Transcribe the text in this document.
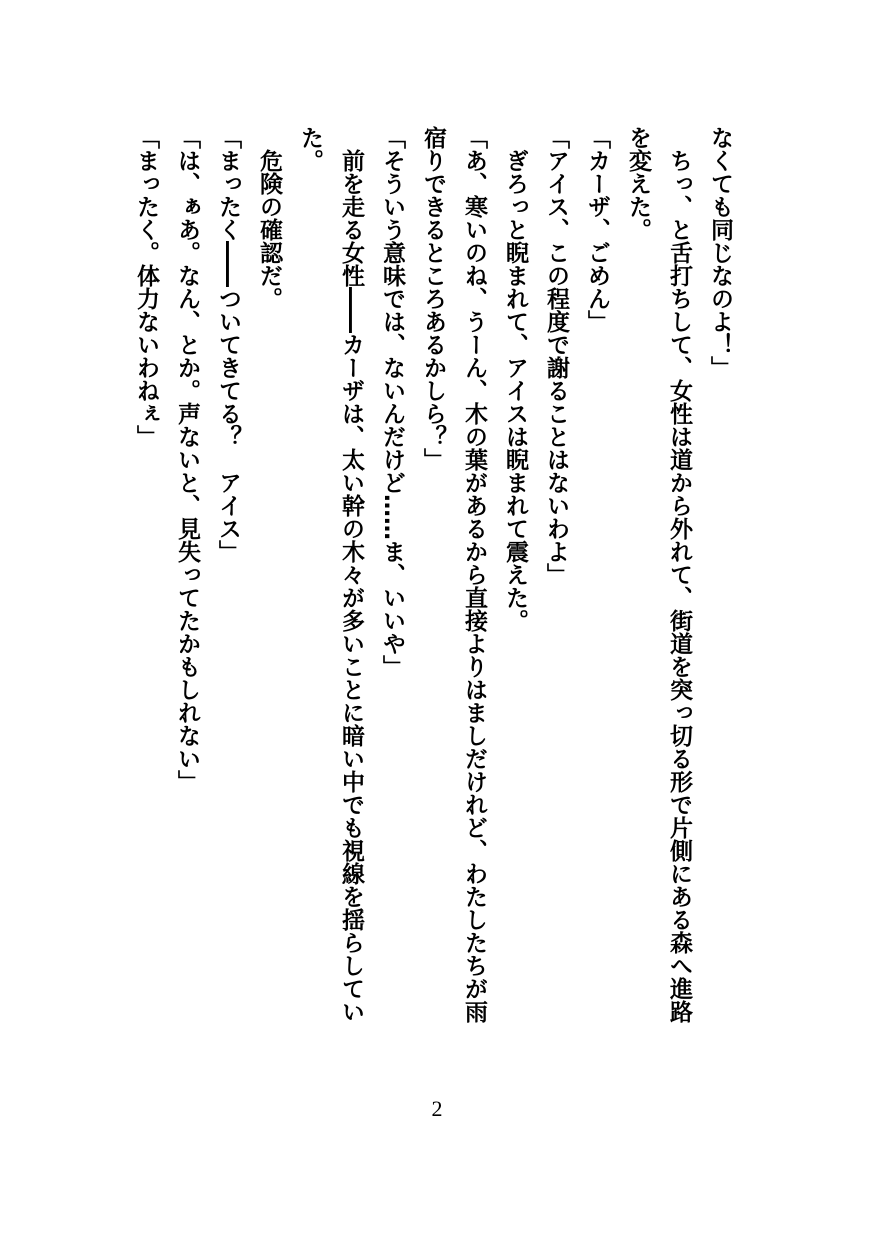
なくても同じなのよ！」
　ちっ、と舌打ちして、女性は道から外れて、街道を突っ切る形で片側にある森へ進路
を変えた。
「カーザ、ごめん」
「アイス、この程度で謝ることはないわよ」
　ぎろっと睨まれて、アイスは睨まれて震えた。
「あ、寒いのね、うーん、木の葉があるから直接よりはましだけれど、わたしたちが雨
宿りできるところあるかしら？」
「そういう意味では、ないんだけど……ま、いいや」
　前を走る女性――カーザは、太い幹の木々が多いことに暗い中でも視線を揺らしてい
た。
　危険の確認だ。
「まったく――ついてきてる？　アイス」
「は、ぁあ。なん、とか。声ないと、見失ってたかもしれない」
「まったく。体力ないわねぇ」
2
